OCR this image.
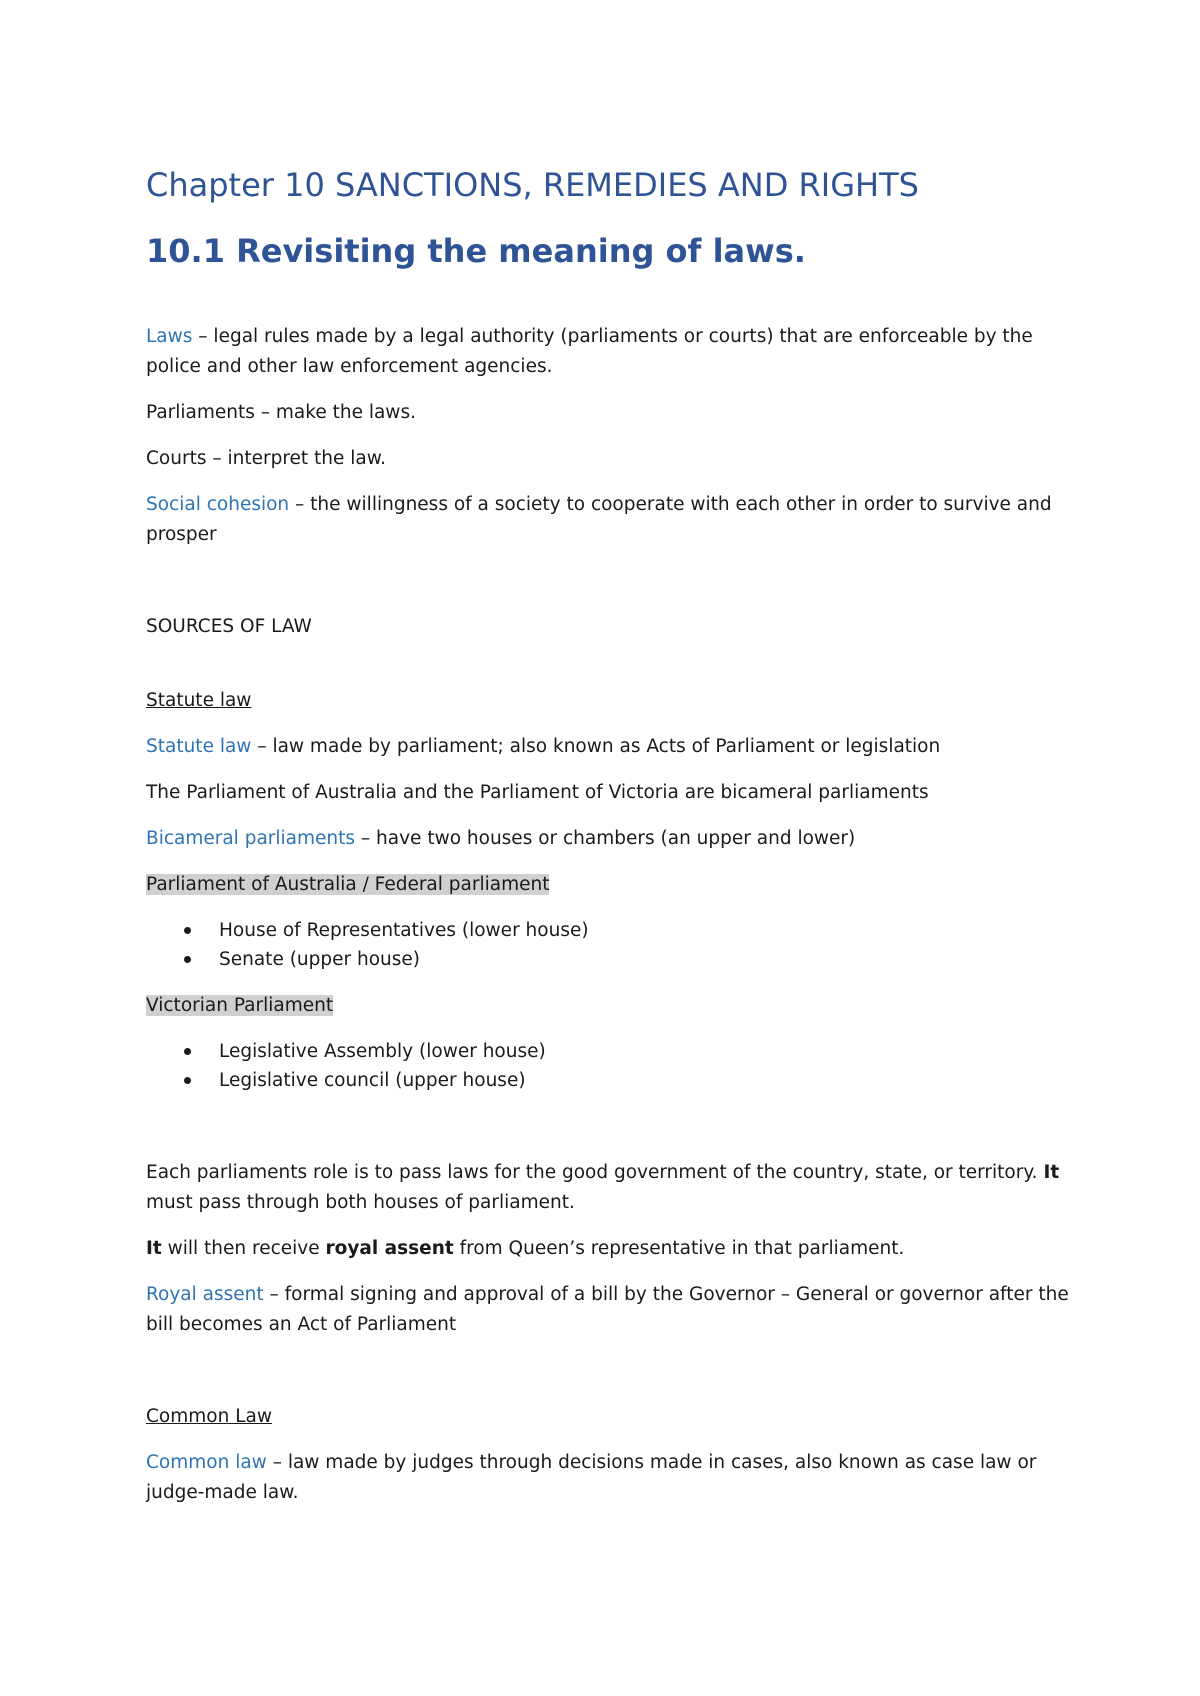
Chapter 10 SANCTIONS, REMEDIES AND RIGHTS
10.1 Revisiting the meaning of laws.
Laws – legal rules made by a legal authority (parliaments or courts) that are enforceable by the police and other law enforcement agencies.
Parliaments – make the laws.
Courts – interpret the law.
Social cohesion – the willingness of a society to cooperate with each other in order to survive and prosper
SOURCES OF LAW
Statute law
Statute law – law made by parliament; also known as Acts of Parliament or legislation
The Parliament of Australia and the Parliament of Victoria are bicameral parliaments
Bicameral parliaments – have two houses or chambers (an upper and lower)
Parliament of Australia / Federal parliament
House of Representatives (lower house)
Senate (upper house)
Victorian Parliament
Legislative Assembly (lower house)
Legislative council (upper house)
Each parliaments role is to pass laws for the good government of the country, state, or territory. It must pass through both houses of parliament.
It will then receive royal assent from Queen’s representative in that parliament.
Royal assent – formal signing and approval of a bill by the Governor – General or governor after the bill becomes an Act of Parliament
Common Law
Common law – law made by judges through decisions made in cases, also known as case law or judge-made law.
